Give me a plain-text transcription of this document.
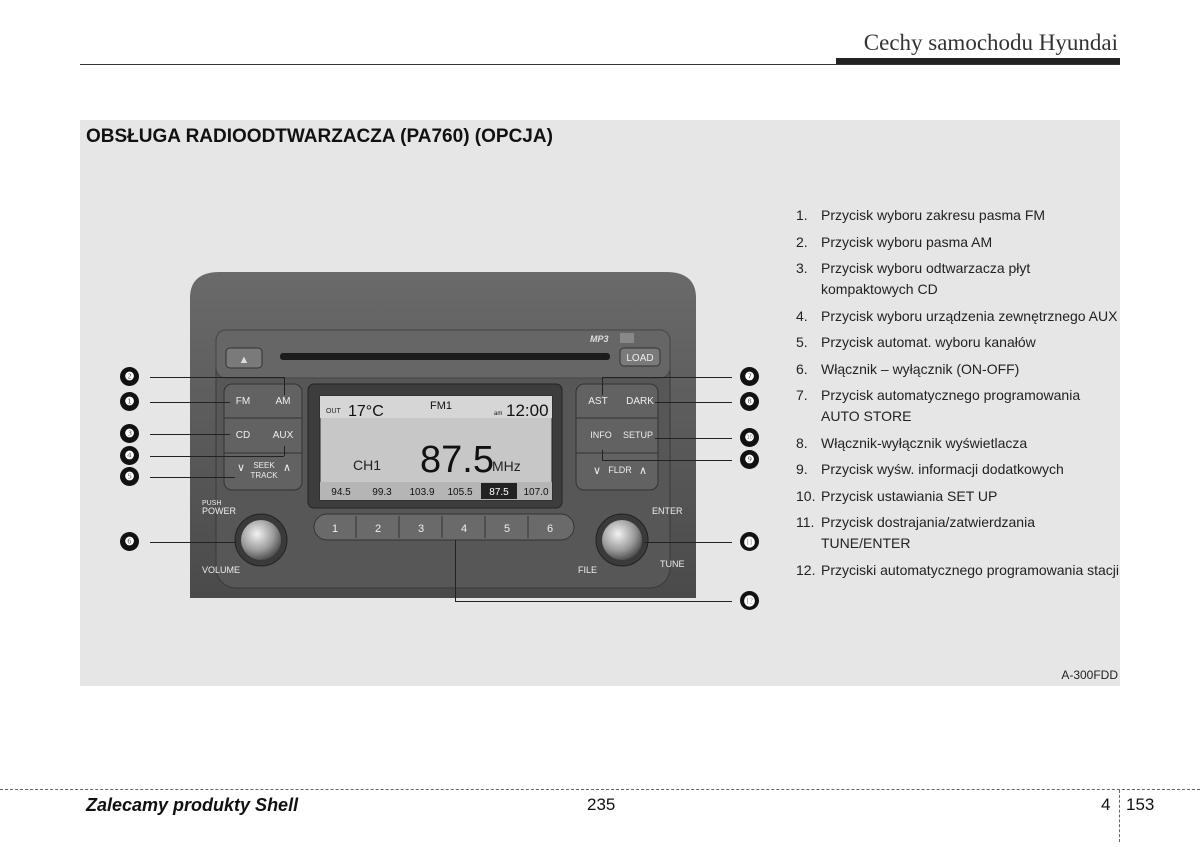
Cechy samochodu Hyundai
OBSŁUGA RADIOODTWARZACZA (PA760) (OPCJA)
▲	LOAD
MP3
FM	AM
CD AUX
∨ SEEK
TRACK
∧
AST DARK
INFO SETUP
∨ FLDR ∧
OUT 17°C	FM1
am 12:00
CH1 87.5
MHz
94.5 99.3 103.9 105.5 87.5 107.0
1	2	3	4	5	6
PUSH
POWER
VOLUME
ENTER
FILE
TUNE
❶
❷
❸
❹
❺
❻
❼
❽
❾
❿
⓫
⓬
1. Przycisk wyboru zakresu pasma FM
2. Przycisk wyboru pasma AM
3. Przycisk wyboru odtwarzacza płyt
kompaktowych CD
4. Przycisk wyboru urządzenia zewnętrznego AUX
5. Przycisk automat. wyboru kanałów
6. Włącznik – wyłącznik (ON-OFF)
7. Przycisk automatycznego programowania
AUTO STORE
8. Włącznik-wyłącznik wyświetlacza
9. Przycisk wyśw. informacji dodatkowych
10. Przycisk ustawiania SET UP
11. Przycisk dostrajania/zatwierdzania
TUNE/ENTER
12. Przyciski automatycznego programowania stacji
A-300FDD
Zalecamy produkty Shell	235	4 153
